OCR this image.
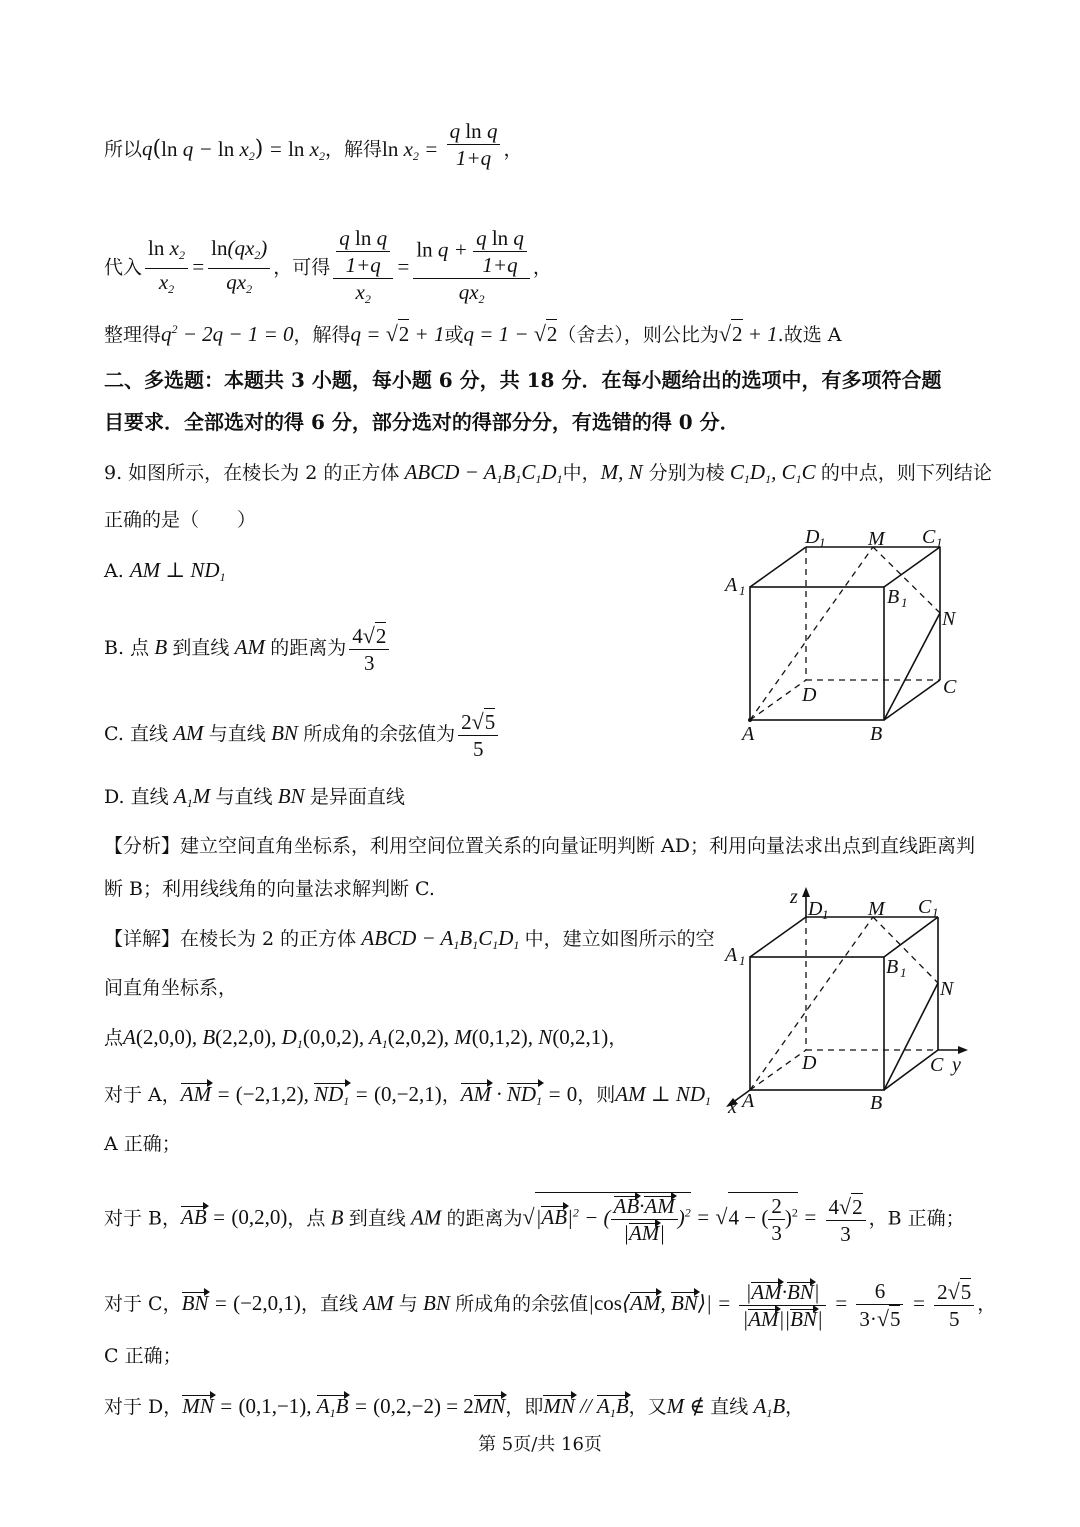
所以q(ln $q - \ln x_2) = \ln x_2$，解得$\ln x_2 = \frac{\text{q ln q}}{1+q}$ ，
代入 $\frac{\ln x_2}{x_2} = \frac{\ln(qx_2)}{qx_2}$ ，可得 $\frac{\frac{\text{q ln q}}{1+q}}{x_2} = \frac{\ln q + \frac{\text{q ln q}}{1+q}}{qx_2}$ ，
整理得$q^2 - 2q - 1 = 0$，解得q = √2 + 1或q = 1 − √2（舍去），则公比为√2 + 1.故选 A
二、多选题：本题共 3 小题，每小题 6 分，共 18 分．在每小题给出的选项中，有多项符合题
目要求．全部选对的得 6 分，部分选对的得部分分，有选错的得 0 分．
9. 如图所示，在棱长为 2 的正方体 ABCD − $A_1B_1C_1D_1$中，M, N 分别为棱 $C_1D_1$, $C_1C$ 的中点，则下列结论
正确的是（　　）
A. AM ⊥ $ND_1$
B. 点 B 到直线 AM 的距离为 $\frac{4√2}{3}$
C. 直线 AM 与直线 BN 所成角的余弦值为 $\frac{2√5}{5}$
D. 直线 $A_1M$ 与直线 BN 是异面直线
D 1 M C 1
A 1	B 1
N
D	C
A	B
【分析】建立空间直角坐标系，利用空间位置关系的向量证明判断 AD；利用向量法求出点到直线距离判
断 B；利用线线角的向量法求解判断 C.
【详解】在棱长为 2 的正方体 ABCD − $A_1B_1C_1D_1$ 中，建立如图所示的空
间直角坐标系，
点A(2,0,0), B(2,2,0), $D_1(0,0,2)$, $A_1(2,0,2)$, M(0,1,2), N(0,2,1)，
z
D 1 M C 1
A 1	B 1
N
D	C y
x A	B
对于 A，AM = (−2,1,2), $ND_1 = (0,-2,1)$，AM · $ND_1 = 0$，则AM ⊥ $ND_1$
A 正确；
对于 B，AB = (0,2,0)，点 B 到直线 AM 的距离为$√|AB|^2$ − ( $\frac{AB\cdot AM}{|AM|} )^2 = √4$ − ( $\frac{2}{3} )^2 = \frac{4√2}{3}$ ，B 正确；
对于 C，BN = (−2,0,1)，直线 AM 与 BN 所成角的余弦值|cos⟨AM, BN⟩| = $\frac{|AM\cdot BN|}{|AM||BN|} = \frac{6}{3\cdot√5} = \frac{2√5}{5}$ ，
C 正确；
对于 D，MN = (0,1,−1), $A_1B = (0,2,-2) = 2MN$，即MN // $A_1B$，又M ∉ 直线 $A_1B$，
第 5页/共 16页
